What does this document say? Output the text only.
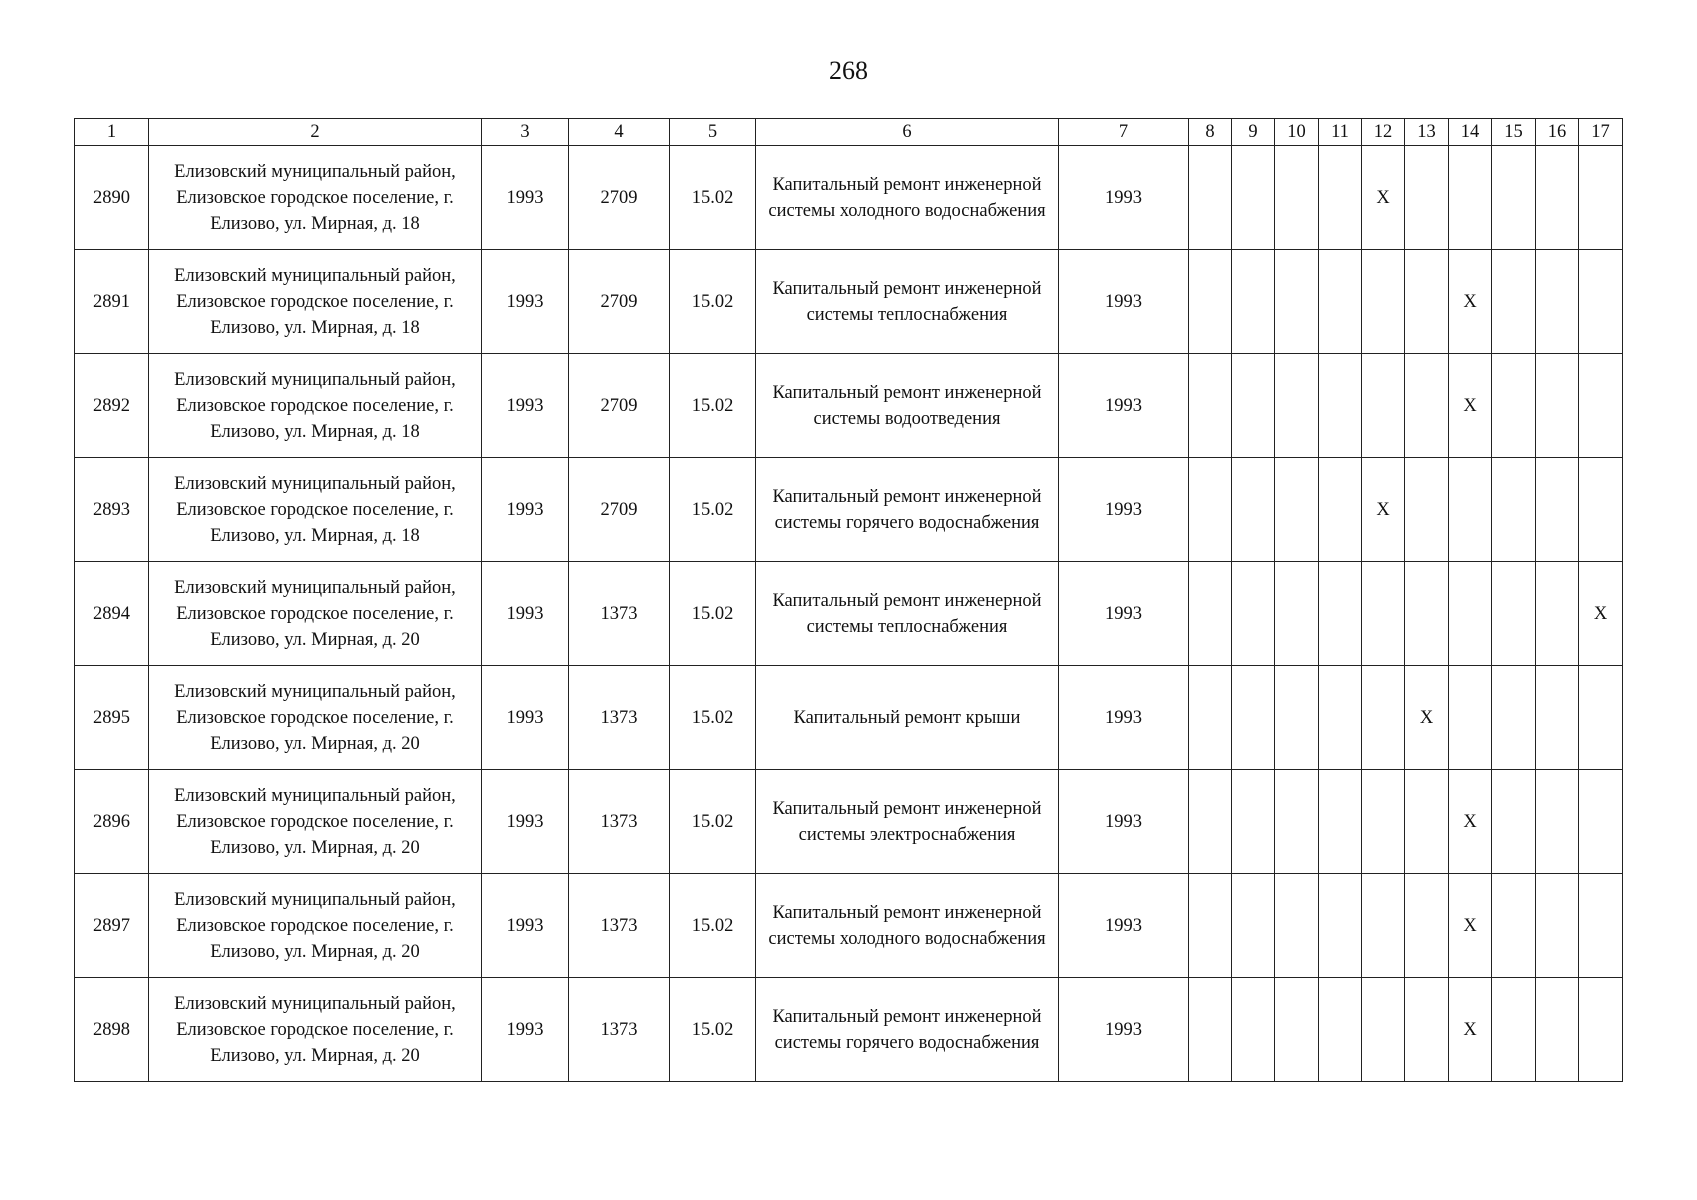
268
1	2	3	4	5	6	7	8	9	10	11	12	13	14	15	16	17
2890	Елизовский муниципальный район, Елизовское городское поселение, г. Елизово, ул. Мирная, д. 18	1993	2709	15.02	Капитальный ремонт инженерной системы холодного водоснабжения	1993					X					
2891	Елизовский муниципальный район, Елизовское городское поселение, г. Елизово, ул. Мирная, д. 18	1993	2709	15.02	Капитальный ремонт инженерной системы теплоснабжения	1993							X			
2892	Елизовский муниципальный район, Елизовское городское поселение, г. Елизово, ул. Мирная, д. 18	1993	2709	15.02	Капитальный ремонт инженерной системы водоотведения	1993							X			
2893	Елизовский муниципальный район, Елизовское городское поселение, г. Елизово, ул. Мирная, д. 18	1993	2709	15.02	Капитальный ремонт инженерной системы горячего водоснабжения	1993					X					
2894	Елизовский муниципальный район, Елизовское городское поселение, г. Елизово, ул. Мирная, д. 20	1993	1373	15.02	Капитальный ремонт инженерной системы теплоснабжения	1993										X
2895	Елизовский муниципальный район, Елизовское городское поселение, г. Елизово, ул. Мирная, д. 20	1993	1373	15.02	Капитальный ремонт крыши	1993						X				
2896	Елизовский муниципальный район, Елизовское городское поселение, г. Елизово, ул. Мирная, д. 20	1993	1373	15.02	Капитальный ремонт инженерной системы электроснабжения	1993							X			
2897	Елизовский муниципальный район, Елизовское городское поселение, г. Елизово, ул. Мирная, д. 20	1993	1373	15.02	Капитальный ремонт инженерной системы холодного водоснабжения	1993							X			
2898	Елизовский муниципальный район, Елизовское городское поселение, г. Елизово, ул. Мирная, д. 20	1993	1373	15.02	Капитальный ремонт инженерной системы горячего водоснабжения	1993							X			
